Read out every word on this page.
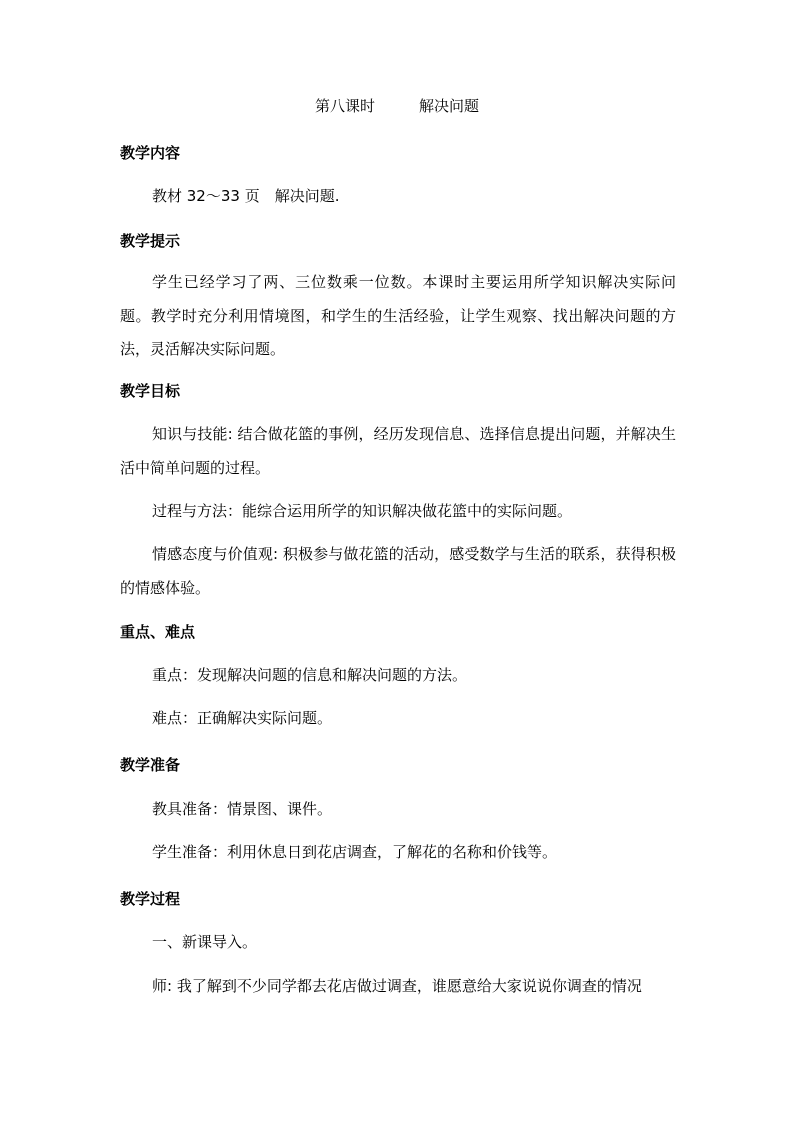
第八课时	解决问题
教学内容
教材 32～33 页　解决问题.
教学提示
学生已经学习了两、三位数乘一位数。本课时主要运用所学知识解决实际问题。教学时充分利用情境图，和学生的生活经验，让学生观察、找出解决问题的方法，灵活解决实际问题。
教学目标
知识与技能: 结合做花篮的事例，经历发现信息、选择信息提出问题，并解决生活中简单问题的过程。
过程与方法：能综合运用所学的知识解决做花篮中的实际问题。
情感态度与价值观: 积极参与做花篮的活动，感受数学与生活的联系，获得积极的情感体验。
重点、难点
重点：发现解决问题的信息和解决问题的方法。
难点：正确解决实际问题。
教学准备
教具准备：情景图、课件。
学生准备：利用休息日到花店调查，了解花的名称和价钱等。
教学过程
一、新课导入。
师: 我了解到不少同学都去花店做过调查，谁愿意给大家说说你调查的情况
